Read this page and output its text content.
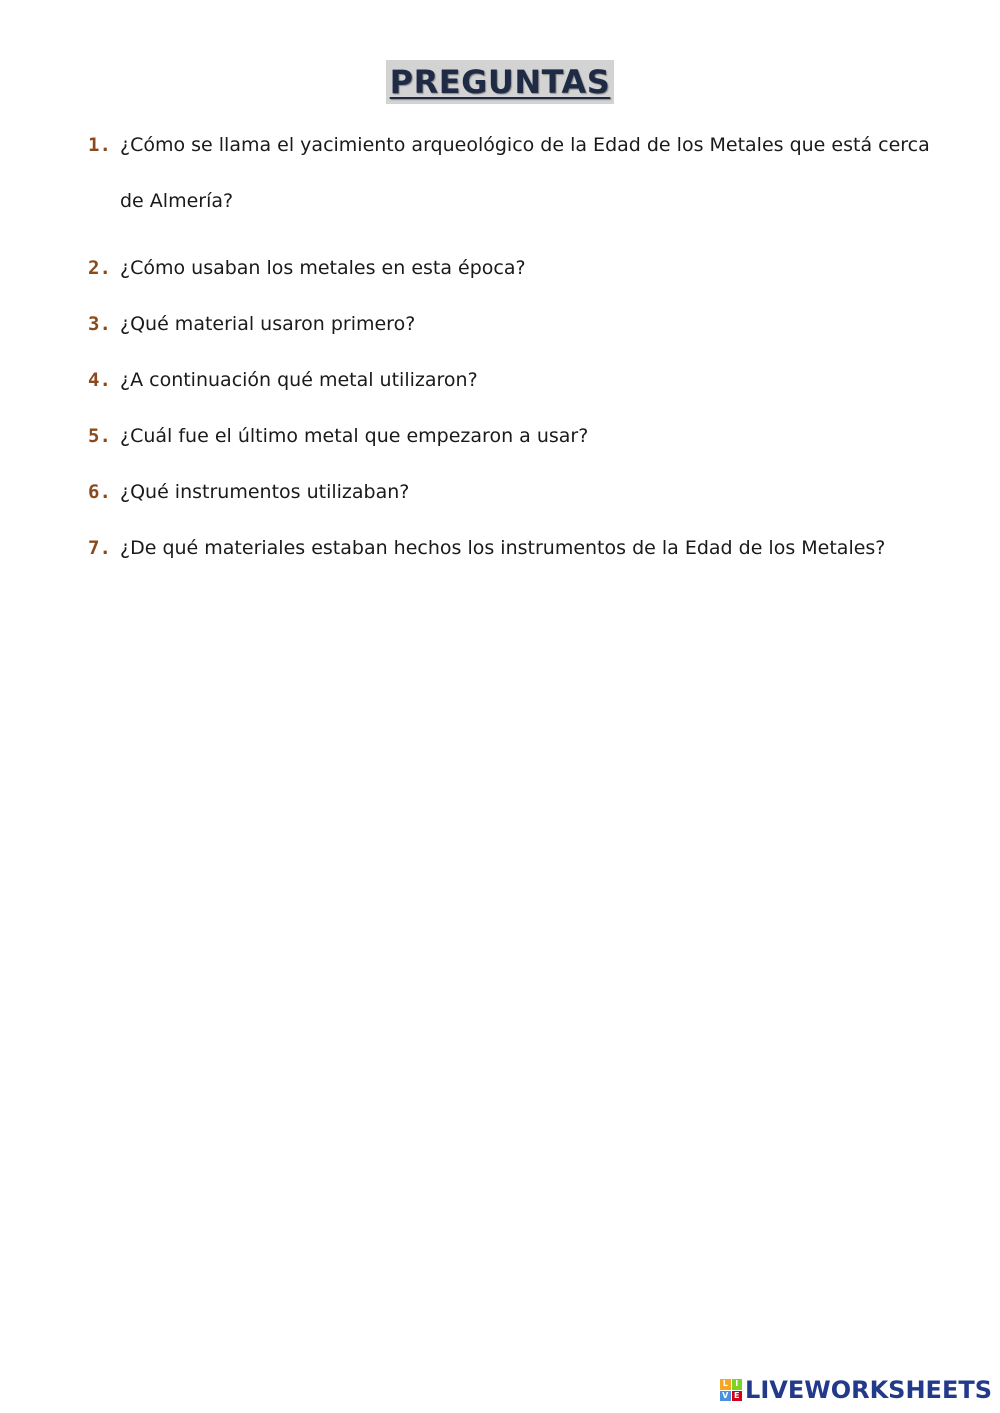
PREGUNTAS
1. ¿Cómo se llama el yacimiento arqueológico de la Edad de los Metales que está cerca de Almería?
2. ¿Cómo usaban los metales en esta época?
3. ¿Qué material usaron primero?
4. ¿A continuación qué metal utilizaron?
5. ¿Cuál fue el último metal que empezaron a usar?
6. ¿Qué instrumentos utilizaban?
7. ¿De qué materiales estaban hechos los instrumentos de la Edad de los Metales?
L I
V E LIVEWORKSHEETS
